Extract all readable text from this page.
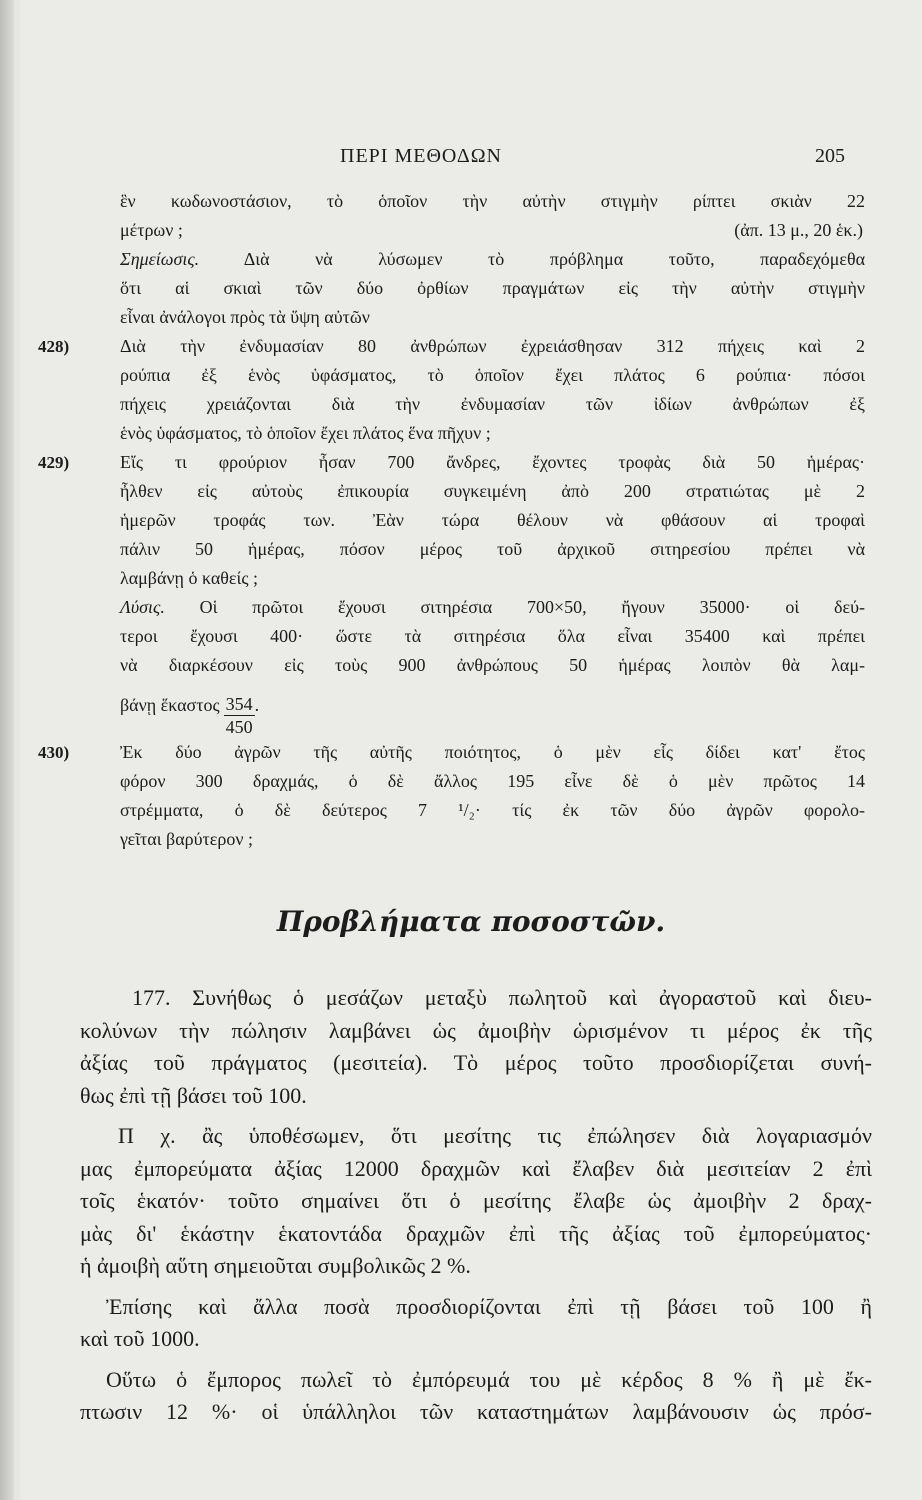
ΠΕΡΙ ΜΕΘΟΔΩΝ	205
ἓν κωδωνοστάσιον, τὸ ὁποῖον τὴν αὐτὴν στιγμὴν ρίπτει σκιὰν 22
μέτρων ;	(ἀπ. 13 μ., 20 ἑκ.)
Σημείωσις. Διὰ νὰ λύσωμεν τὸ πρόβλημα τοῦτο, παραδεχόμεθα
ὅτι αἱ σκιαὶ τῶν δύο ὀρθίων πραγμάτων εἰς τὴν αὐτὴν στιγμὴν
εἶναι ἀνάλογοι πρὸς τὰ ὕψη αὐτῶν
428)	Διὰ τὴν ἐνδυμασίαν 80 ἀνθρώπων ἐχρειάσθησαν 312 πήχεις καὶ 2
ρούπια ἐξ ἑνὸς ὑφάσματος, τὸ ὁποῖον ἔχει πλάτος 6 ρούπια· πόσοι
πήχεις χρειάζονται διὰ τὴν ἐνδυμασίαν τῶν ἰδίων ἀνθρώπων ἐξ
ἑνὸς ὑφάσματος, τὸ ὁποῖον ἔχει πλάτος ἕνα πῆχυν ;
429)	Εἴς τι φρούριον ἦσαν 700 ἄνδρες, ἔχοντες τροφὰς διὰ 50 ἡμέρας·
ἦλθεν εἰς αὐτοὺς ἐπικουρία συγκειμένη ἀπὸ 200 στρατιώτας μὲ 2
ἡμερῶν τροφάς των. Ἐὰν τώρα θέλουν νὰ φθάσουν αἱ τροφαὶ
πάλιν 50 ἡμέρας, πόσον μέρος τοῦ ἀρχικοῦ σιτηρεσίου πρέπει νὰ
λαμβάνῃ ὁ καθείς ;
Λύσις. Οἱ πρῶτοι ἔχουσι σιτηρέσια 700×50, ἤγουν 35000· οἱ δεύ-
τεροι ἔχουσι 400· ὥστε τὰ σιτηρέσια ὅλα εἶναι 35400 καὶ πρέπει
νὰ διαρκέσουν εἰς τοὺς 900 ἀνθρώπους 50 ἡμέρας λοιπὸν θὰ λαμ-
βάνῃ ἕκαστος $\frac{354}{450}$ .
430)	Ἐκ δύο ἀγρῶν τῆς αὐτῆς ποιότητος, ὁ μὲν εἷς δίδει κατ' ἔτος
φόρον 300 δραχμάς, ὁ δὲ ἄλλος 195 εἶνε δὲ ὁ μὲν πρῶτος 14
στρέμματα, ὁ δὲ δεύτερος 7 ¹/₂· τίς ἐκ τῶν δύο ἀγρῶν φορολο-
γεῖται βαρύτερον ;
Προβλήματα ποσοστῶν.
177. Συνήθως ὁ μεσάζων μεταξὺ πωλητοῦ καὶ ἀγοραστοῦ καὶ διευ-
κολύνων τὴν πώλησιν λαμβάνει ὡς ἀμοιβὴν ὡρισμένον τι μέρος ἐκ τῆς
ἀξίας τοῦ πράγματος (μεσιτεία). Τὸ μέρος τοῦτο προσδιορίζεται συνή-
θως ἐπὶ τῇ βάσει τοῦ 100.
Π χ. ἂς ὑποθέσωμεν, ὅτι μεσίτης τις ἐπώλησεν διὰ λογαριασμόν
μας ἐμπορεύματα ἀξίας 12000 δραχμῶν καὶ ἔλαβεν διὰ μεσιτείαν 2 ἐπὶ
τοῖς ἑκατόν· τοῦτο σημαίνει ὅτι ὁ μεσίτης ἔλαβε ὡς ἀμοιβὴν 2 δραχ-
μὰς δι' ἑκάστην ἑκατοντάδα δραχμῶν ἐπὶ τῆς ἀξίας τοῦ ἐμπορεύματος·
ἡ ἀμοιβὴ αὕτη σημειοῦται συμβολικῶς 2 %.
Ἐπίσης καὶ ἄλλα ποσὰ προσδιορίζονται ἐπὶ τῇ βάσει τοῦ 100 ἢ
καὶ τοῦ 1000.
Οὕτω ὁ ἔμπορος πωλεῖ τὸ ἐμπόρευμά του μὲ κέρδος 8 % ἢ μὲ ἔκ-
πτωσιν 12 %· οἱ ὑπάλληλοι τῶν καταστημάτων λαμβάνουσιν ὡς πρόσ-
